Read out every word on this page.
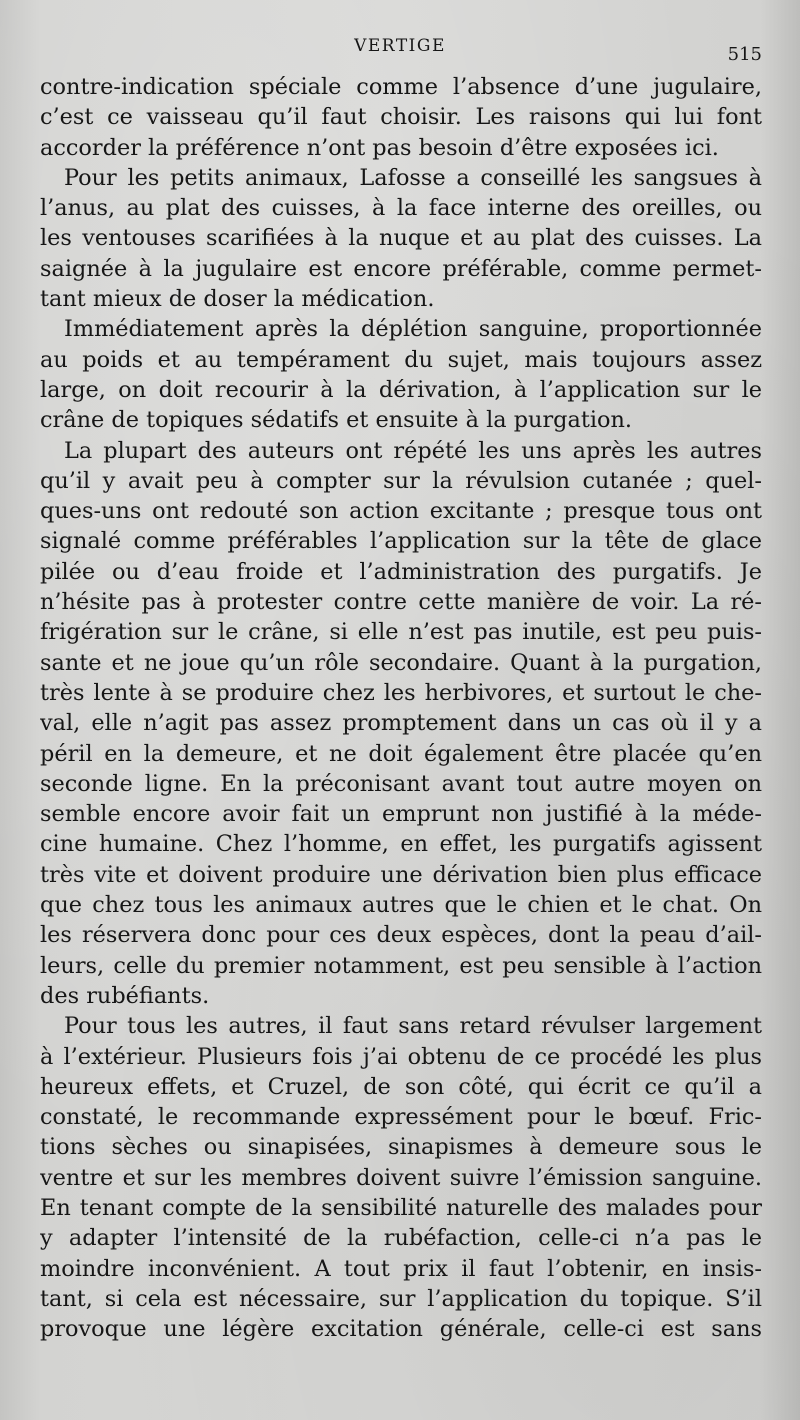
VERTIGE	515
contre-indication spéciale comme l’absence d’une jugulaire,
c’est ce vaisseau qu’il faut choisir. Les raisons qui lui font
accorder la préférence n’ont pas besoin d’être exposées ici.
Pour les petits animaux, Lafosse a conseillé les sangsues à
l’anus, au plat des cuisses, à la face interne des oreilles, ou
les ventouses scarifiées à la nuque et au plat des cuisses. La
saignée à la jugulaire est encore préférable, comme permet-
tant mieux de doser la médication.
Immédiatement après la déplétion sanguine, proportionnée
au poids et au tempérament du sujet, mais toujours assez
large, on doit recourir à la dérivation, à l’application sur le
crâne de topiques sédatifs et ensuite à la purgation.
La plupart des auteurs ont répété les uns après les autres
qu’il y avait peu à compter sur la révulsion cutanée ; quel-
ques-uns ont redouté son action excitante ; presque tous ont
signalé comme préférables l’application sur la tête de glace
pilée ou d’eau froide et l’administration des purgatifs. Je
n’hésite pas à protester contre cette manière de voir. La ré-
frigération sur le crâne, si elle n’est pas inutile, est peu puis-
sante et ne joue qu’un rôle secondaire. Quant à la purgation,
très lente à se produire chez les herbivores, et surtout le che-
val, elle n’agit pas assez promptement dans un cas où il y a
péril en la demeure, et ne doit également être placée qu’en
seconde ligne. En la préconisant avant tout autre moyen on
semble encore avoir fait un emprunt non justifié à la méde-
cine humaine. Chez l’homme, en effet, les purgatifs agissent
très vite et doivent produire une dérivation bien plus efficace
que chez tous les animaux autres que le chien et le chat. On
les réservera donc pour ces deux espèces, dont la peau d’ail-
leurs, celle du premier notamment, est peu sensible à l’action
des rubéfiants.
Pour tous les autres, il faut sans retard révulser largement
à l’extérieur. Plusieurs fois j’ai obtenu de ce procédé les plus
heureux effets, et Cruzel, de son côté, qui écrit ce qu’il a
constaté, le recommande expressément pour le bœuf. Fric-
tions sèches ou sinapisées, sinapismes à demeure sous le
ventre et sur les membres doivent suivre l’émission sanguine.
En tenant compte de la sensibilité naturelle des malades pour
y adapter l’intensité de la rubéfaction, celle-ci n’a pas le
moindre inconvénient. A tout prix il faut l’obtenir, en insis-
tant, si cela est nécessaire, sur l’application du topique. S’il
provoque une légère excitation générale, celle-ci est sans
